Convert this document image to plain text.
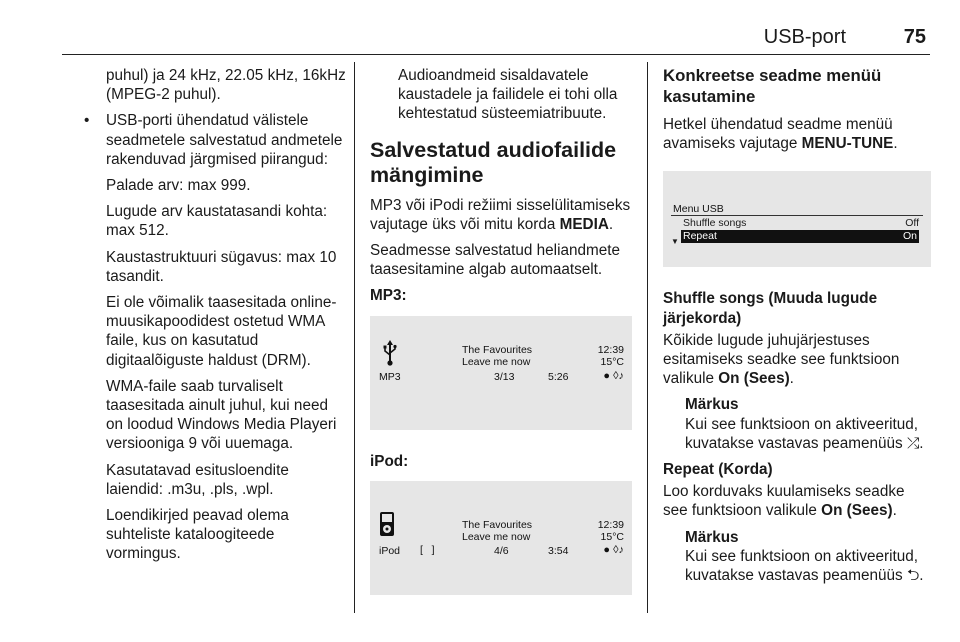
USB-port	75
puhul) ja 24 kHz, 22.05 kHz, 16kHz (MPEG-2 puhul).
• USB-porti ühendatud välistele seadmetele salvestatud andmetele rakenduvad järgmised piirangud:
Palade arv: max 999.
Lugude arv kaustatasandi kohta: max 512.
Kaustastruktuuri sügavus: max 10 tasandit.
Ei ole võimalik taasesitada online-muusikapoodidest ostetud WMA faile, kus on kasutatud digitaalõiguste haldust (DRM).
WMA-faile saab turvaliselt taasesitada ainult juhul, kui need on loodud Windows Media Playeri versiooniga 9 või uuemaga.
Kasutatavad esitusloendite laiendid: .m3u, .pls, .wpl.
Loendikirjed peavad olema suhteliste kataloogiteede vormingus.
Audioandmeid sisaldavatele kaustadele ja failidele ei tohi olla kehtestatud süsteemiatribuute.
Salvestatud audiofailide mängimine
MP3 või iPodi režiimi sisselülitamiseks vajutage üks või mitu korda MEDIA.
Seadmesse salvestatud heliandmete taasesitamine algab automaatselt.
MP3:
The Favourites
Leave me now
12:39
15°C
MP3	3/13	5:26	● ◊♪
iPod:
The Favourites
Leave me now
12:39
15°C
iPod [   ]	4/6	3:54	● ◊♪
Konkreetse seadme menüü kasutamine
Hetkel ühendatud seadme menüü avamiseks vajutage MENU-TUNE.
Menu USB
Shuffle songs	Off
▼ Repeat	On
Shuffle songs (Muuda lugude järjekorda)
Kõikide lugude juhujärjestuses esitamiseks seadke see funktsioon valikule On (Sees).
Märkus
Kui see funktsioon on aktiveeritud, kuvatakse vastavas peamenüüs ⤮.
Repeat (Korda)
Loo korduvaks kuulamiseks seadke see funktsioon valikule On (Sees).
Märkus
Kui see funktsioon on aktiveeritud, kuvatakse vastavas peamenüüs ⮌.
